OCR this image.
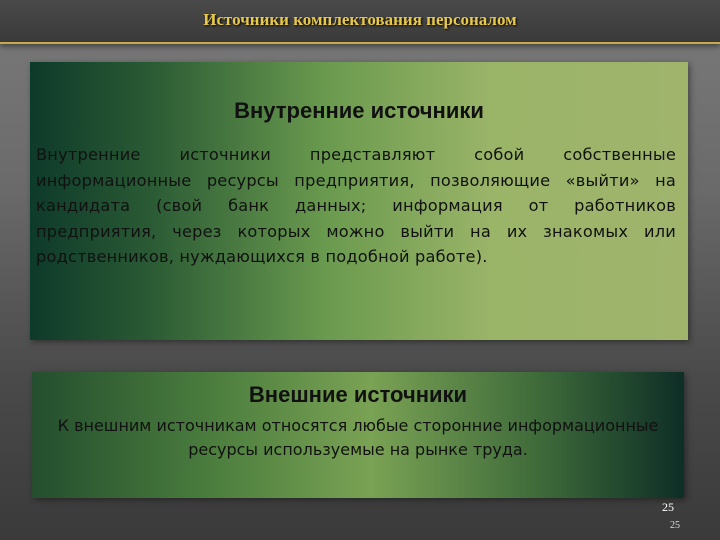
Источники комплектования персоналом
Внутренние источники
Внутренние источники представляют собой собственные информационные ресурсы предприятия, позволяющие «выйти» на кандидата (свой банк данных; информация от работников предприятия, через которых можно выйти на их знакомых или родственников, нуждающихся в подобной работе).
Внешние источники
К внешним источникам относятся любые сторонние информационные ресурсы используемые на рынке труда.
25
25
